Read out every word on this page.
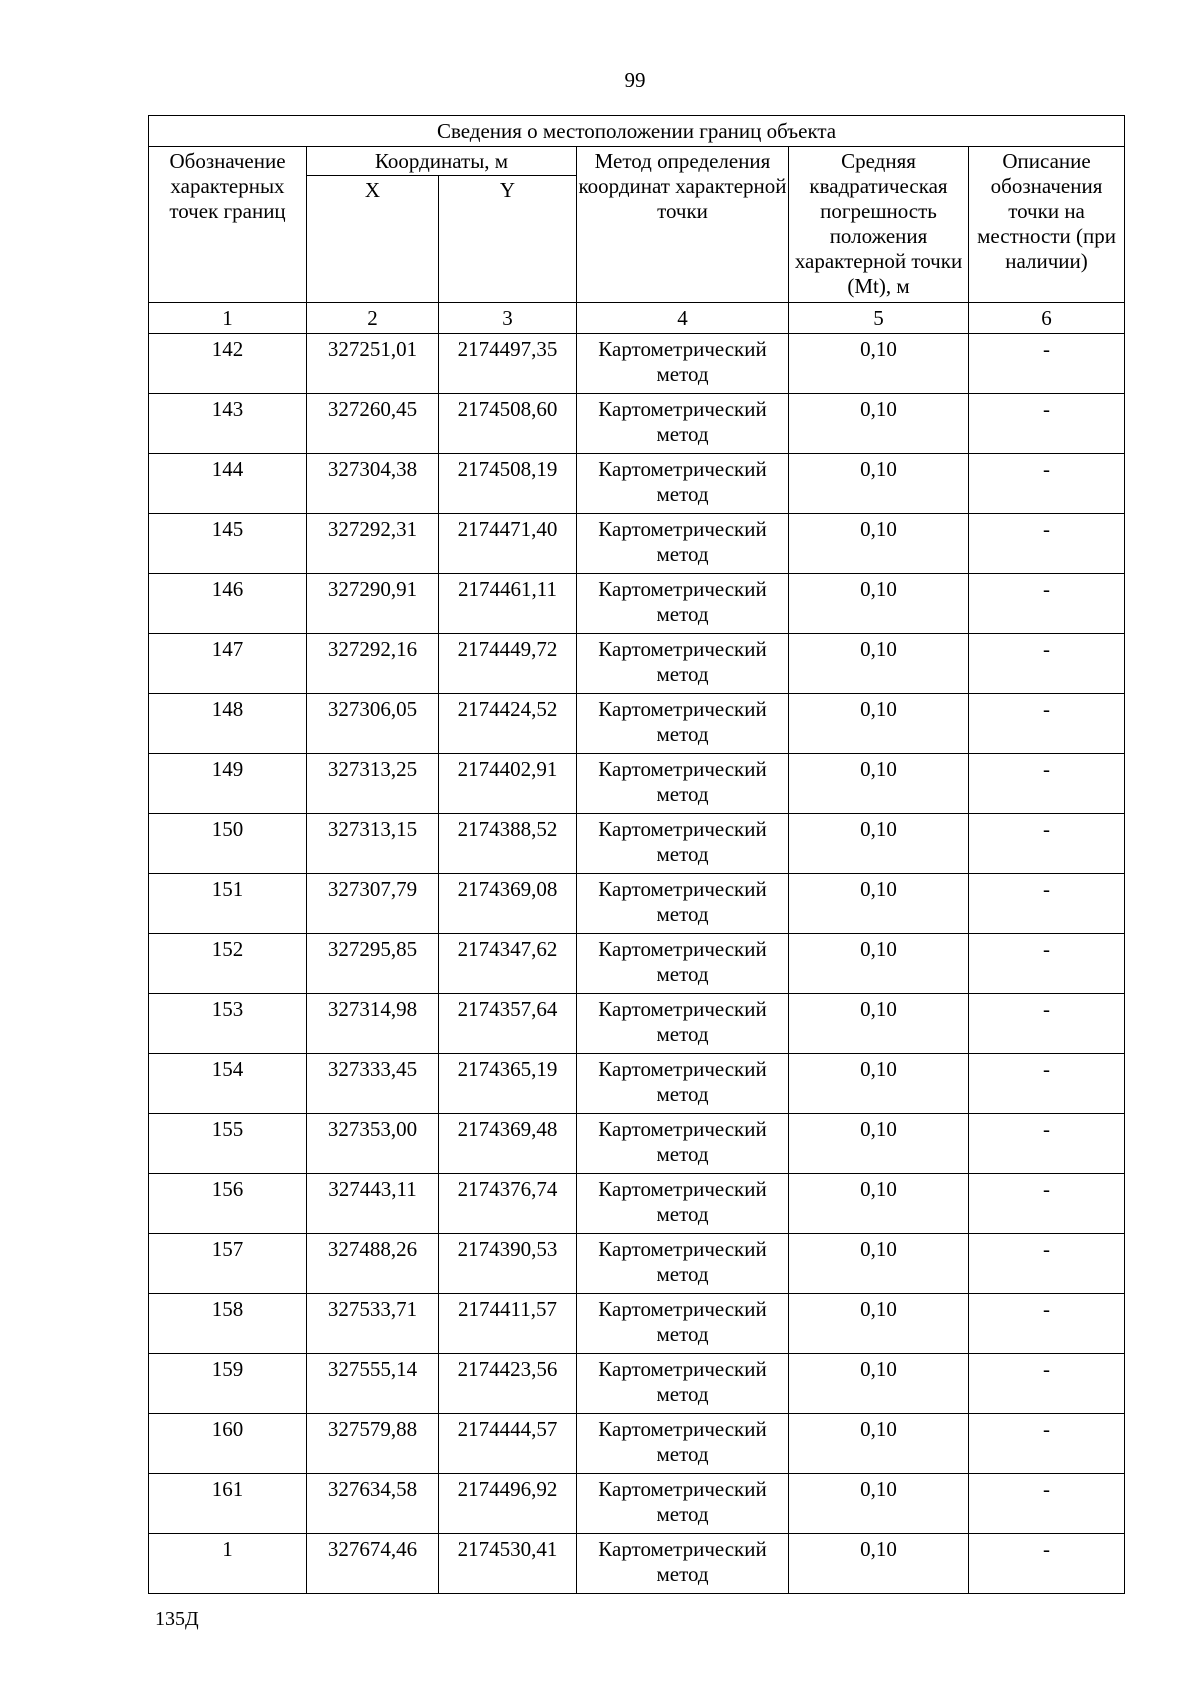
99
Сведения о местоположении границ объекта					
Обозначение характерных точек границ	Координаты, м		Метод определения координат характерной точки	Средняя квадратическая погрешность положения характерной точки (Mt), м	Описание обозначения точки на местности (при наличии)
	X	Y			
1	2	3	4	5	6
142	327251,01	2174497,35	Картометрический метод	0,10	-
143	327260,45	2174508,60	Картометрический метод	0,10	-
144	327304,38	2174508,19	Картометрический метод	0,10	-
145	327292,31	2174471,40	Картометрический метод	0,10	-
146	327290,91	2174461,11	Картометрический метод	0,10	-
147	327292,16	2174449,72	Картометрический метод	0,10	-
148	327306,05	2174424,52	Картометрический метод	0,10	-
149	327313,25	2174402,91	Картометрический метод	0,10	-
150	327313,15	2174388,52	Картометрический метод	0,10	-
151	327307,79	2174369,08	Картометрический метод	0,10	-
152	327295,85	2174347,62	Картометрический метод	0,10	-
153	327314,98	2174357,64	Картометрический метод	0,10	-
154	327333,45	2174365,19	Картометрический метод	0,10	-
155	327353,00	2174369,48	Картометрический метод	0,10	-
156	327443,11	2174376,74	Картометрический метод	0,10	-
157	327488,26	2174390,53	Картометрический метод	0,10	-
158	327533,71	2174411,57	Картометрический метод	0,10	-
159	327555,14	2174423,56	Картометрический метод	0,10	-
160	327579,88	2174444,57	Картометрический метод	0,10	-
161	327634,58	2174496,92	Картометрический метод	0,10	-
1	327674,46	2174530,41	Картометрический метод	0,10	-
135Д
